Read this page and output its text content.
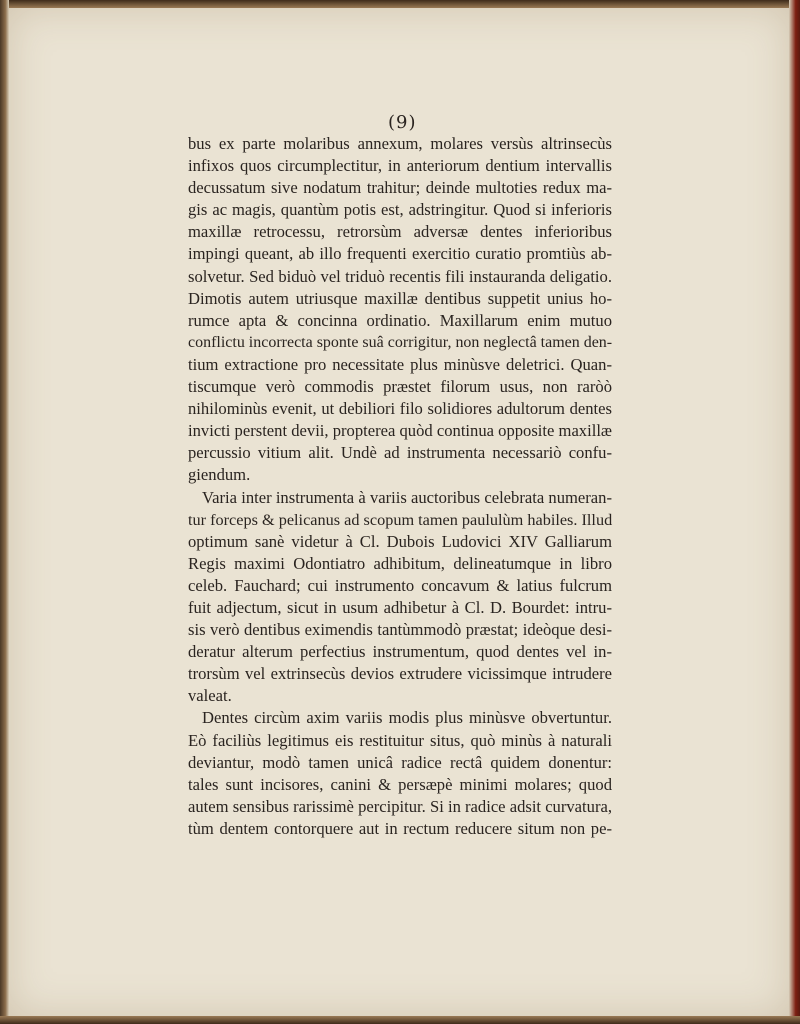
(9)
bus ex parte molaribus annexum, molares versùs altrinsecùs
infixos quos circumplectitur, in anteriorum dentium intervallis
decussatum sive nodatum trahitur; deinde multoties redux ma-
gis ac magis, quantùm potis est, adstringitur. Quod si inferioris
maxillæ retrocessu, retrorsùm adversæ dentes inferioribus
impingi queant, ab illo frequenti exercitio curatio promtiùs ab-
solvetur. Sed biduò vel triduò recentis fili instauranda deligatio.
Dimotis autem utriusque maxillæ dentibus suppetit unius ho-
rumce apta & concinna ordinatio. Maxillarum enim mutuo
conflictu incorrecta sponte suâ corrigitur, non neglectâ tamen den-
tium extractione pro necessitate plus minùsve deletrici. Quan-
tiscumque verò commodis præstet filorum usus, non raròò
nihilominùs evenit, ut debiliori filo solidiores adultorum dentes
invicti perstent devii, propterea quòd continua opposite maxillæ
percussio vitium alit. Undè ad instrumenta necessariò confu-
giendum.
Varia inter instrumenta à variis auctoribus celebrata numeran-
tur forceps & pelicanus ad scopum tamen paululùm habiles. Illud
optimum sanè videtur à Cl. Dubois Ludovici XIV Galliarum
Regis maximi Odontiatro adhibitum, delineatumque in libro
celeb. Fauchard; cui instrumento concavum & latius fulcrum
fuit adjectum, sicut in usum adhibetur à Cl. D. Bourdet: intru-
sis verò dentibus eximendis tantùmmodò præstat; ideòque desi-
deratur alterum perfectius instrumentum, quod dentes vel in-
trorsùm vel extrinsecùs devios extrudere vicissimque intrudere
valeat.
Dentes circùm axim variis modis plus minùsve obvertuntur.
Eò faciliùs legitimus eis restituitur situs, quò minùs à naturali
deviantur, modò tamen unicâ radice rectâ quidem donentur:
tales sunt incisores, canini & persæpè minimi molares; quod
autem sensibus rarissimè percipitur. Si in radice adsit curvatura,
tùm dentem contorquere aut in rectum reducere situm non pe-
